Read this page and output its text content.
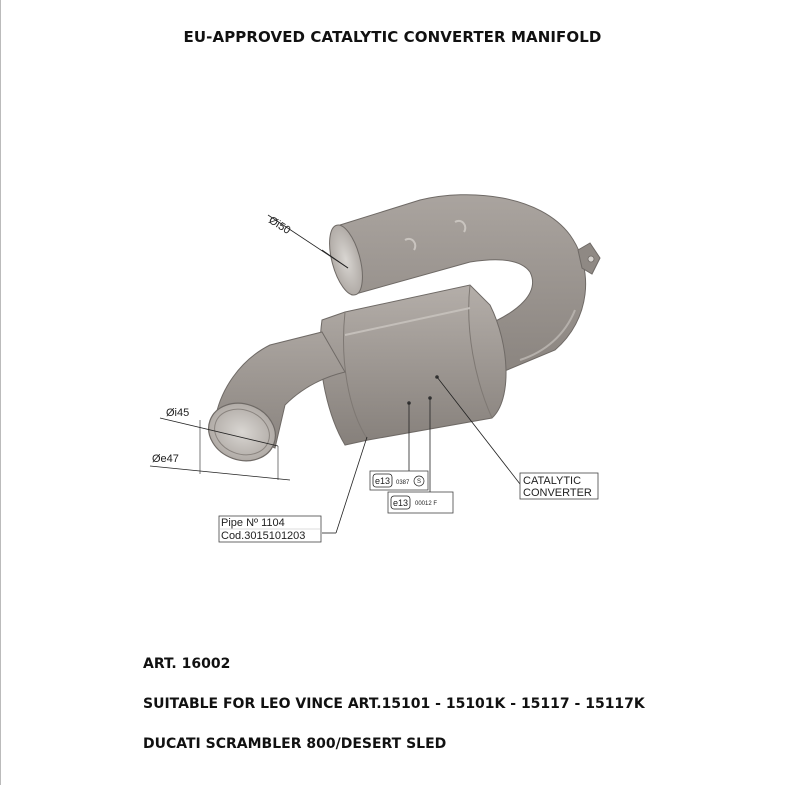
EU-APPROVED CATALYTIC CONVERTER MANIFOLD
Øi50
Øi45
Øe47
Pipe Nº 1104
Cod.3015101203
CATALYTIC
CONVERTER
e13 0387 S
e13 00012 F
ART. 16002
SUITABLE FOR LEO VINCE ART.15101 - 15101K - 15117 - 15117K
DUCATI SCRAMBLER 800/DESERT SLED
